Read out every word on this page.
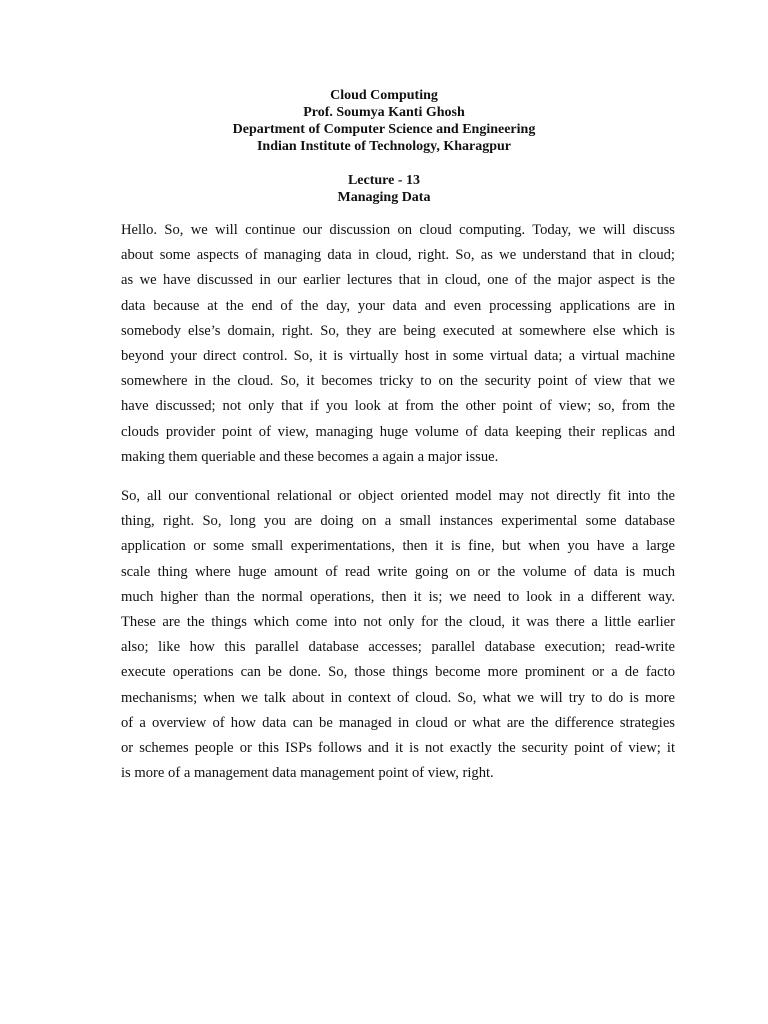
Cloud Computing
Prof. Soumya Kanti Ghosh
Department of Computer Science and Engineering
Indian Institute of Technology, Kharagpur
Lecture - 13
Managing Data
Hello. So, we will continue our discussion on cloud computing. Today, we will discuss
about some aspects of managing data in cloud, right. So, as we understand that in cloud;
as we have discussed in our earlier lectures that in cloud, one of the major aspect is the
data because at the end of the day, your data and even processing applications are in
somebody else’s domain, right. So, they are being executed at somewhere else which is
beyond your direct control. So, it is virtually host in some virtual data; a virtual machine
somewhere in the cloud. So, it becomes tricky to on the security point of view that we
have discussed; not only that if you look at from the other point of view; so, from the
clouds provider point of view, managing huge volume of data keeping their replicas and
making them queriable and these becomes a again a major issue.
So, all our conventional relational or object oriented model may not directly fit into the
thing, right. So, long you are doing on a small instances experimental some database
application or some small experimentations, then it is fine, but when you have a large
scale thing where huge amount of read write going on or the volume of data is much
much higher than the normal operations, then it is; we need to look in a different way.
These are the things which come into not only for the cloud, it was there a little earlier
also; like how this parallel database accesses; parallel database execution; read-write
execute operations can be done. So, those things become more prominent or a de facto
mechanisms; when we talk about in context of cloud. So, what we will try to do is more
of a overview of how data can be managed in cloud or what are the difference strategies
or schemes people or this ISPs follows and it is not exactly the security point of view; it
is more of a management data management point of view, right.
